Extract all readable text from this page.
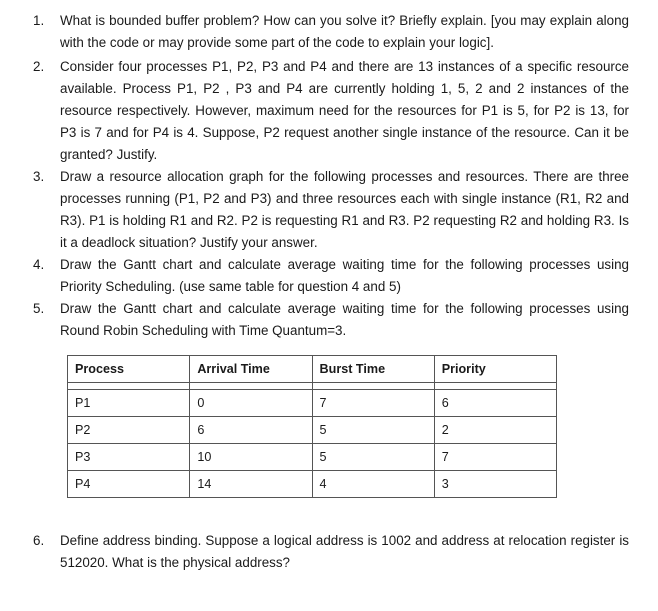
1.	What is bounded buffer problem? How can you solve it? Briefly explain. [you may explain along with the code or may provide some part of the code to explain your logic].
2.	Consider four processes P1, P2, P3 and P4 and there are 13 instances of a specific resource available. Process P1, P2 , P3 and P4 are currently holding 1, 5, 2 and 2 instances of the resource respectively. However, maximum need for the resources for P1 is 5, for P2 is 13, for P3 is 7 and for P4 is 4. Suppose, P2 request another single instance of the resource. Can it be granted? Justify.
3.	Draw a resource allocation graph for the following processes and resources. There are three processes running (P1, P2 and P3) and three resources each with single instance (R1, R2 and R3). P1 is holding R1 and R2. P2 is requesting R1 and R3. P2 requesting R2 and holding R3. Is it a deadlock situation? Justify your answer.
4.	Draw the Gantt chart and calculate average waiting time for the following processes using Priority Scheduling. (use same table for question 4 and 5)
5.	Draw the Gantt chart and calculate average waiting time for the following processes using Round Robin Scheduling with Time Quantum=3.
Process	Arrival Time	Burst Time	Priority

P1	0	7	6
P2	6	5	2
P3	10	5	7
P4	14	4	3
6.	Define address binding. Suppose a logical address is 1002 and address at relocation register is 512020. What is the physical address?
